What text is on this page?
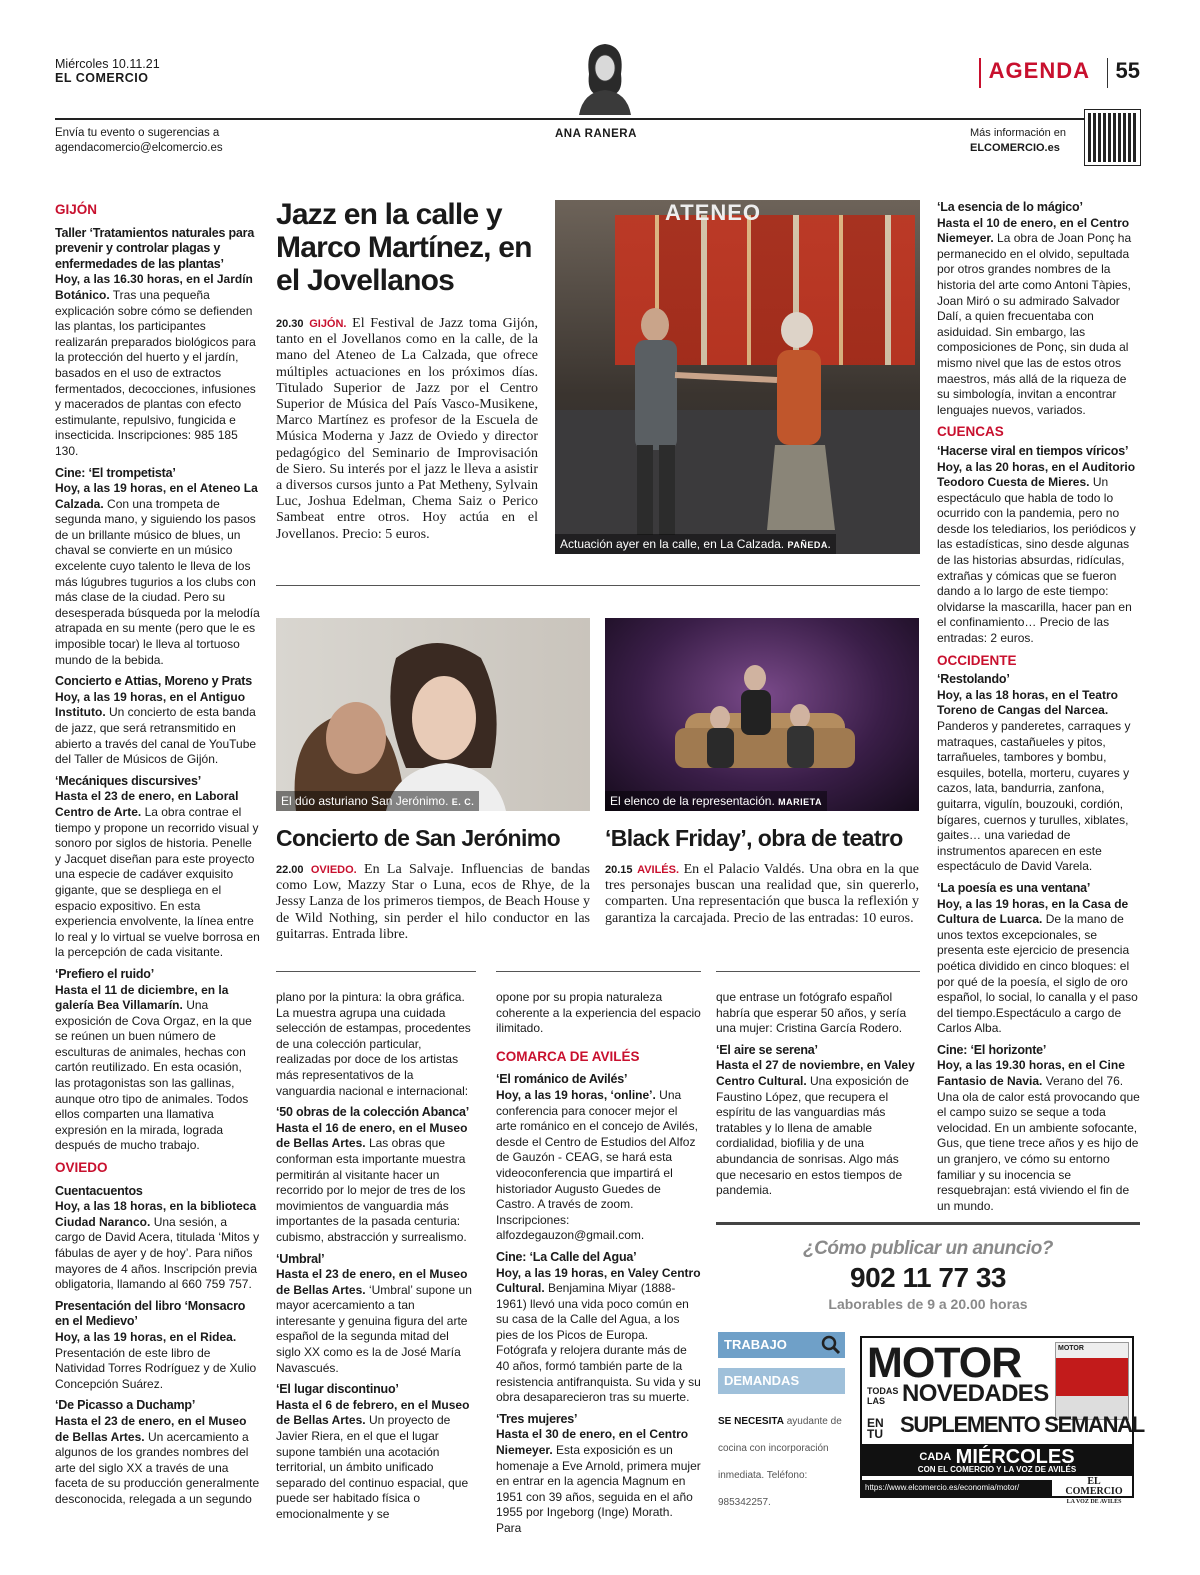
Miércoles 10.11.21
EL COMERCIO	AGENDA	55
Envía tu evento o sugerencias a
agendacomercio@elcomercio.es
ANA RANERA	Más información en
ELCOMERCIO.es
GIJÓN
Taller ‘Tratamientos naturales para prevenir y controlar plagas y enfermedades de las plantas’
Hoy, a las 16.30 horas, en el Jardín Botánico. Tras una pequeña explicación sobre cómo se defienden las plantas, los participantes realizarán preparados biológicos para la protección del huerto y el jardín, basados en el uso de extractos fermentados, decocciones, infusiones y macerados de plantas con efecto estimulante, repulsivo, fungicida e insecticida. Inscripciones: 985 185 130.
Cine: ‘El trompetista’
Hoy, a las 19 horas, en el Ateneo La Calzada. Con una trompeta de segunda mano, y siguiendo los pasos de un brillante músico de blues, un chaval se convierte en un músico excelente cuyo talento le lleva de los más lúgubres tugurios a los clubs con más clase de la ciudad. Pero su desesperada búsqueda por la melodía atrapada en su mente (pero que le es imposible tocar) le lleva al tortuoso mundo de la bebida.
Concierto e Attias, Moreno y Prats
Hoy, a las 19 horas, en el Antiguo Instituto. Un concierto de esta banda de jazz, que será retransmitido en abierto a través del canal de YouTube del Taller de Músicos de Gijón.
‘Mecániques discursives’
Hasta el 23 de enero, en Laboral Centro de Arte. La obra contrae el tiempo y propone un recorrido visual y sonoro por siglos de historia. Penelle y Jacquet diseñan para este proyecto una especie de cadáver exquisito gigante, que se despliega en el espacio expositivo. En esta experiencia envolvente, la línea entre lo real y lo virtual se vuelve borrosa en la percepción de cada visitante.
‘Prefiero el ruido’
Hasta el 11 de diciembre, en la galería Bea Villamarín. Una exposición de Cova Orgaz, en la que se reúnen un buen número de esculturas de animales, hechas con cartón reutilizado. En esta ocasión, las protagonistas son las gallinas, aunque otro tipo de animales. Todos ellos comparten una llamativa expresión en la mirada, lograda después de mucho trabajo.
OVIEDO
Cuentacuentos
Hoy, a las 18 horas, en la biblioteca Ciudad Naranco. Una sesión, a cargo de David Acera, titulada ‘Mitos y fábulas de ayer y de hoy’. Para niños mayores de 4 años. Inscripción previa obligatoria, llamando al 660 759 757.
Presentación del libro ‘Monsacro en el Medievo’
Hoy, a las 19 horas, en el Ridea. Presentación de este libro de Natividad Torres Rodríguez y de Xulio Concepción Suárez.
‘De Picasso a Duchamp’
Hasta el 23 de enero, en el Museo de Bellas Artes. Un acercamiento a algunos de los grandes nombres del arte del siglo XX a través de una faceta de su producción generalmente desconocida, relegada a un segundo
Jazz en la calle y Marco Martínez, en el Jovellanos
20.30 GIJÓN. El Festival de Jazz toma Gijón, tanto en el Jovellanos como en la calle, de la mano del Ateneo de La Calzada, que ofrece múltiples actuaciones en los próximos días. Titulado Superior de Jazz por el Centro Superior de Música del País Vasco-Musikene, Marco Martínez es profesor de la Escuela de Música Moderna y Jazz de Oviedo y director pedagógico del Seminario de Improvisación de Siero. Su interés por el jazz le lleva a asistir a diversos cursos junto a Pat Metheny, Sylvain Luc, Joshua Edelman, Chema Saiz o Perico Sambeat entre otros. Hoy actúa en el Jovellanos. Precio: 5 euros.
ATENEO
Actuación ayer en la calle, en La Calzada. PAÑEDA.
El dúo asturiano San Jerónimo. E. C.
Concierto de San Jerónimo
22.00 OVIEDO. En La Salvaje. Influencias de bandas como Low, Mazzy Star o Luna, ecos de Rhye, de la Jessy Lanza de los primeros tiempos, de Beach House y de Wild Nothing, sin perder el hilo conductor en las guitarras. Entrada libre.
El elenco de la representación. MARIETA
‘Black Friday’, obra de teatro
20.15 AVILÉS. En el Palacio Valdés. Una obra en la que tres personajes buscan una realidad que, sin quererlo, comparten. Una representación que busca la reflexión y garantiza la carcajada. Precio de las entradas: 10 euros.
plano por la pintura: la obra gráfica. La muestra agrupa una cuidada selección de estampas, procedentes de una colección particular, realizadas por doce de los artistas más representativos de la vanguardia nacional e internacional:
‘50 obras de la colección Abanca’
Hasta el 16 de enero, en el Museo de Bellas Artes. Las obras que conforman esta importante muestra permitirán al visitante hacer un recorrido por lo mejor de tres de los movimientos de vanguardia más importantes de la pasada centuria: cubismo, abstracción y surrealismo.
‘Umbral’
Hasta el 23 de enero, en el Museo de Bellas Artes. ‘Umbral’ supone un mayor acercamiento a tan interesante y genuina figura del arte español de la segunda mitad del siglo XX como es la de José María Navascués.
‘El lugar discontinuo’
Hasta el 6 de febrero, en el Museo de Bellas Artes. Un proyecto de Javier Riera, en el que el lugar supone también una acotación territorial, un ámbito unificado separado del continuo espacial, que puede ser habitado física o emocionalmente y se
opone por su propia naturaleza coherente a la experiencia del espacio ilimitado.
COMARCA DE AVILÉS
‘El románico de Avilés’
Hoy, a las 19 horas, ‘online’. Una conferencia para conocer mejor el arte románico en el concejo de Avilés, desde el Centro de Estudios del Alfoz de Gauzón - CEAG, se hará esta videoconferencia que impartirá el historiador Augusto Guedes de Castro. A través de zoom. Inscripciones: alfozdegauzon@gmail.com.
Cine: ‘La Calle del Agua’
Hoy, a las 19 horas, en Valey Centro Cultural. Benjamina Miyar (1888-1961) llevó una vida poco común en su casa de la Calle del Agua, a los pies de los Picos de Europa. Fotógrafa y relojera durante más de 40 años, formó también parte de la resistencia antifranquista. Su vida y su obra desaparecieron tras su muerte.
‘Tres mujeres’
Hasta el 30 de enero, en el Centro Niemeyer. Esta exposición es un homenaje a Eve Arnold, primera mujer en entrar en la agencia Magnum en 1951 con 39 años, seguida en el año 1955 por Ingeborg (Inge) Morath. Para
que entrase un fotógrafo español habría que esperar 50 años, y sería una mujer: Cristina García Rodero.
‘El aire se serena’
Hasta el 27 de noviembre, en Valey Centro Cultural. Una exposición de Faustino López, que recupera el espíritu de las vanguardias más tratables y lo llena de amable cordialidad, biofilia y de una abundancia de sonrisas. Algo más que necesario en estos tiempos de pandemia.
‘La esencia de lo mágico’
Hasta el 10 de enero, en el Centro Niemeyer. La obra de Joan Ponç ha permanecido en el olvido, sepultada por otros grandes nombres de la historia del arte como Antoni Tàpies, Joan Miró o su admirado Salvador Dalí, a quien frecuentaba con asiduidad. Sin embargo, las composiciones de Ponç, sin duda al mismo nivel que las de estos otros maestros, más allá de la riqueza de su simbología, invitan a encontrar lenguajes nuevos, variados.
CUENCAS
‘Hacerse viral en tiempos víricos’
Hoy, a las 20 horas, en el Auditorio Teodoro Cuesta de Mieres. Un espectáculo que habla de todo lo ocurrido con la pandemia, pero no desde los telediarios, los periódicos y las estadísticas, sino desde algunas de las historias absurdas, ridículas, extrañas y cómicas que se fueron dando a lo largo de este tiempo: olvidarse la mascarilla, hacer pan en el confinamiento… Precio de las entradas: 2 euros.
OCCIDENTE
‘Restolando’
Hoy, a las 18 horas, en el Teatro Toreno de Cangas del Narcea. Panderos y panderetes, carraques y matraques, castañueles y pitos, tarrañueles, tambores y bombu, esquiles, botella, morteru, cuyares y cazos, lata, bandurria, zanfona, guitarra, vigulín, bouzouki, cordión, bígares, cuernos y turulles, xiblates, gaites… una variedad de instrumentos aparecen en este espectáculo de David Varela.
‘La poesía es una ventana’
Hoy, a las 19 horas, en la Casa de Cultura de Luarca. De la mano de unos textos excepcionales, se presenta este ejercicio de presencia poética dividido en cinco bloques: el por qué de la poesía, el siglo de oro español, lo social, lo canalla y el paso del tiempo.Espectáculo a cargo de Carlos Alba.
Cine: ‘El horizonte’
Hoy, a las 19.30 horas, en el Cine Fantasio de Navia. Verano del 76. Una ola de calor está provocando que el campo suizo se seque a toda velocidad. En un ambiente sofocante, Gus, que tiene trece años y es hijo de un granjero, ve cómo su entorno familiar y su inocencia se resquebrajan: está viviendo el fin de un mundo.
¿Cómo publicar un anuncio?
902 11 77 33
Laborables de 9 a 20.00 horas
TRABAJO
DEMANDAS
SE NECESITA ayudante de cocina con incorporación inmediata. Teléfono: 985342257.
MOTOR	MOTOR
TODAS
LAS NOVEDADES
EN TU SUPLEMENTO SEMANAL
CADA MIÉRCOLES
CON EL COMERCIO Y LA VOZ DE AVILÉS
https://www.elcomercio.es/economia/motor/
EL COMERCIO
LA VOZ DE AVILÉS
